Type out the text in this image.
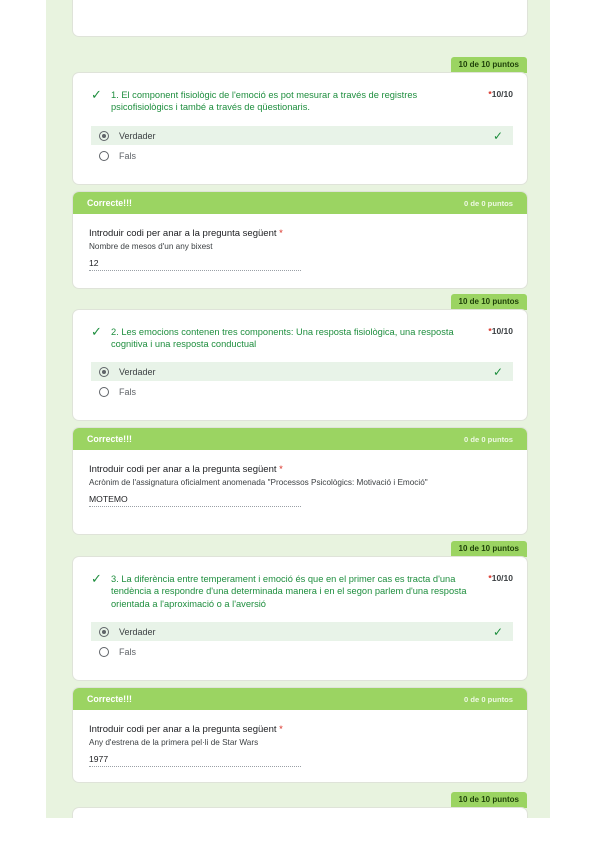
10 de 10 puntos
✓ 1. El component fisiològic de l'emoció es pot mesurar a través de registres psicofisiològics i també a través de qüestionaris.
*10/10
Verdader	✓
Fals
Correcte!!!	0 de 0 puntos
Introduir codi per anar a la pregunta següent *
Nombre de mesos d'un any bixest
12
10 de 10 puntos
✓ 2. Les emocions contenen tres components: Una resposta fisiològica, una resposta cognitiva i una resposta conductual
*10/10
Verdader	✓
Fals
Correcte!!!	0 de 0 puntos
Introduir codi per anar a la pregunta següent *
Acrònim de l'assignatura oficialment anomenada "Processos Psicològics: Motivació i Emoció"
MOTEMO
10 de 10 puntos
✓ 3. La diferència entre temperament i emoció és que en el primer cas es tracta d'una tendència a respondre d'una determinada manera i en el segon parlem d'una resposta orientada a l'aproximació o a l'aversió
*10/10
Verdader	✓
Fals
Correcte!!!	0 de 0 puntos
Introduir codi per anar a la pregunta següent *
Any d'estrena de la primera pel·li de Star Wars
1977
10 de 10 puntos
